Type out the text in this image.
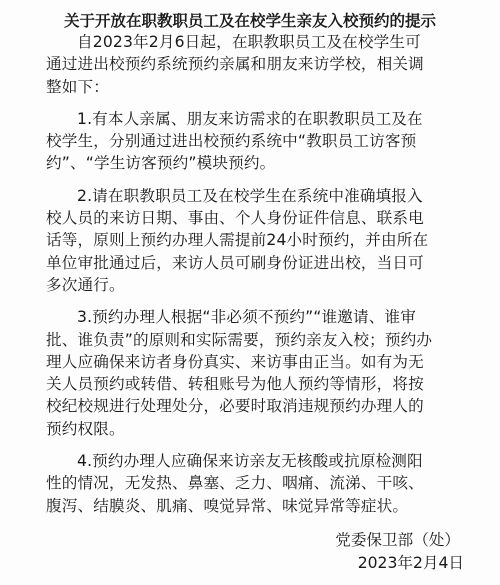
关于开放在职教职员工及在校学生亲友入校预约的提示
自2023年2月6日起，在职教职员工及在校学生可
通过进出校预约系统预约亲属和朋友来访学校，相关调
整如下：
1.有本人亲属、朋友来访需求的在职教职员工及在
校学生，分别通过进出校预约系统中“教职员工访客预
约”、“学生访客预约”模块预约。
2.请在职教职员工及在校学生在系统中准确填报入
校人员的来访日期、事由、个人身份证件信息、联系电
话等，原则上预约办理人需提前24小时预约，并由所在
单位审批通过后，来访人员可刷身份证进出校，当日可
多次通行。
3.预约办理人根据“非必须不预约”“谁邀请、谁审
批、谁负责”的原则和实际需要，预约亲友入校；预约办
理人应确保来访者身份真实、来访事由正当。如有为无
关人员预约或转借、转租账号为他人预约等情形，将按
校纪校规进行处理处分，必要时取消违规预约办理人的
预约权限。
4.预约办理人应确保来访亲友无核酸或抗原检测阳
性的情况，无发热、鼻塞、乏力、咽痛、流涕、干咳、
腹泻、结膜炎、肌痛、嗅觉异常、味觉异常等症状。
党委保卫部（处）
2023年2月4日
